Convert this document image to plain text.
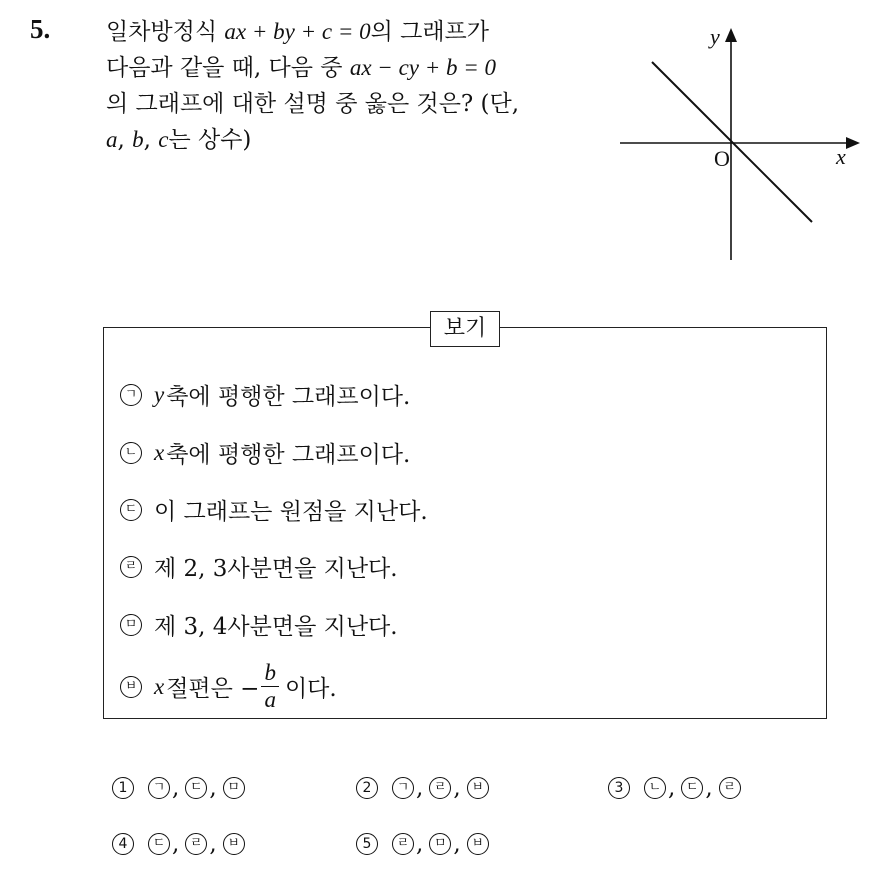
5. 일차방정식 ax + by + c = 0의 그래프가
다음과 같을 때, 다음 중 ax − cy + b = 0
의 그래프에 대한 설명 중 옳은 것은? (단,
a, b, c는 상수)
x
y
O
보기
ㄱ y 축에 평행한 그래프이다.
ㄴ x 축에 평행한 그래프이다.
ㄷ 이 그래프는 원점을 지난다.
ㄹ 제 2, 3사분면을 지난다.
ㅁ 제 3, 4사분면을 지난다.
ㅂ x 절편은 − $\frac{b}{a}$ 이다.
1	ㄱ , ㄷ , ㅁ	2	ㄱ , ㄹ , ㅂ	3	ㄴ , ㄷ , ㄹ
4	ㄷ , ㄹ , ㅂ	5	ㄹ , ㅁ , ㅂ
